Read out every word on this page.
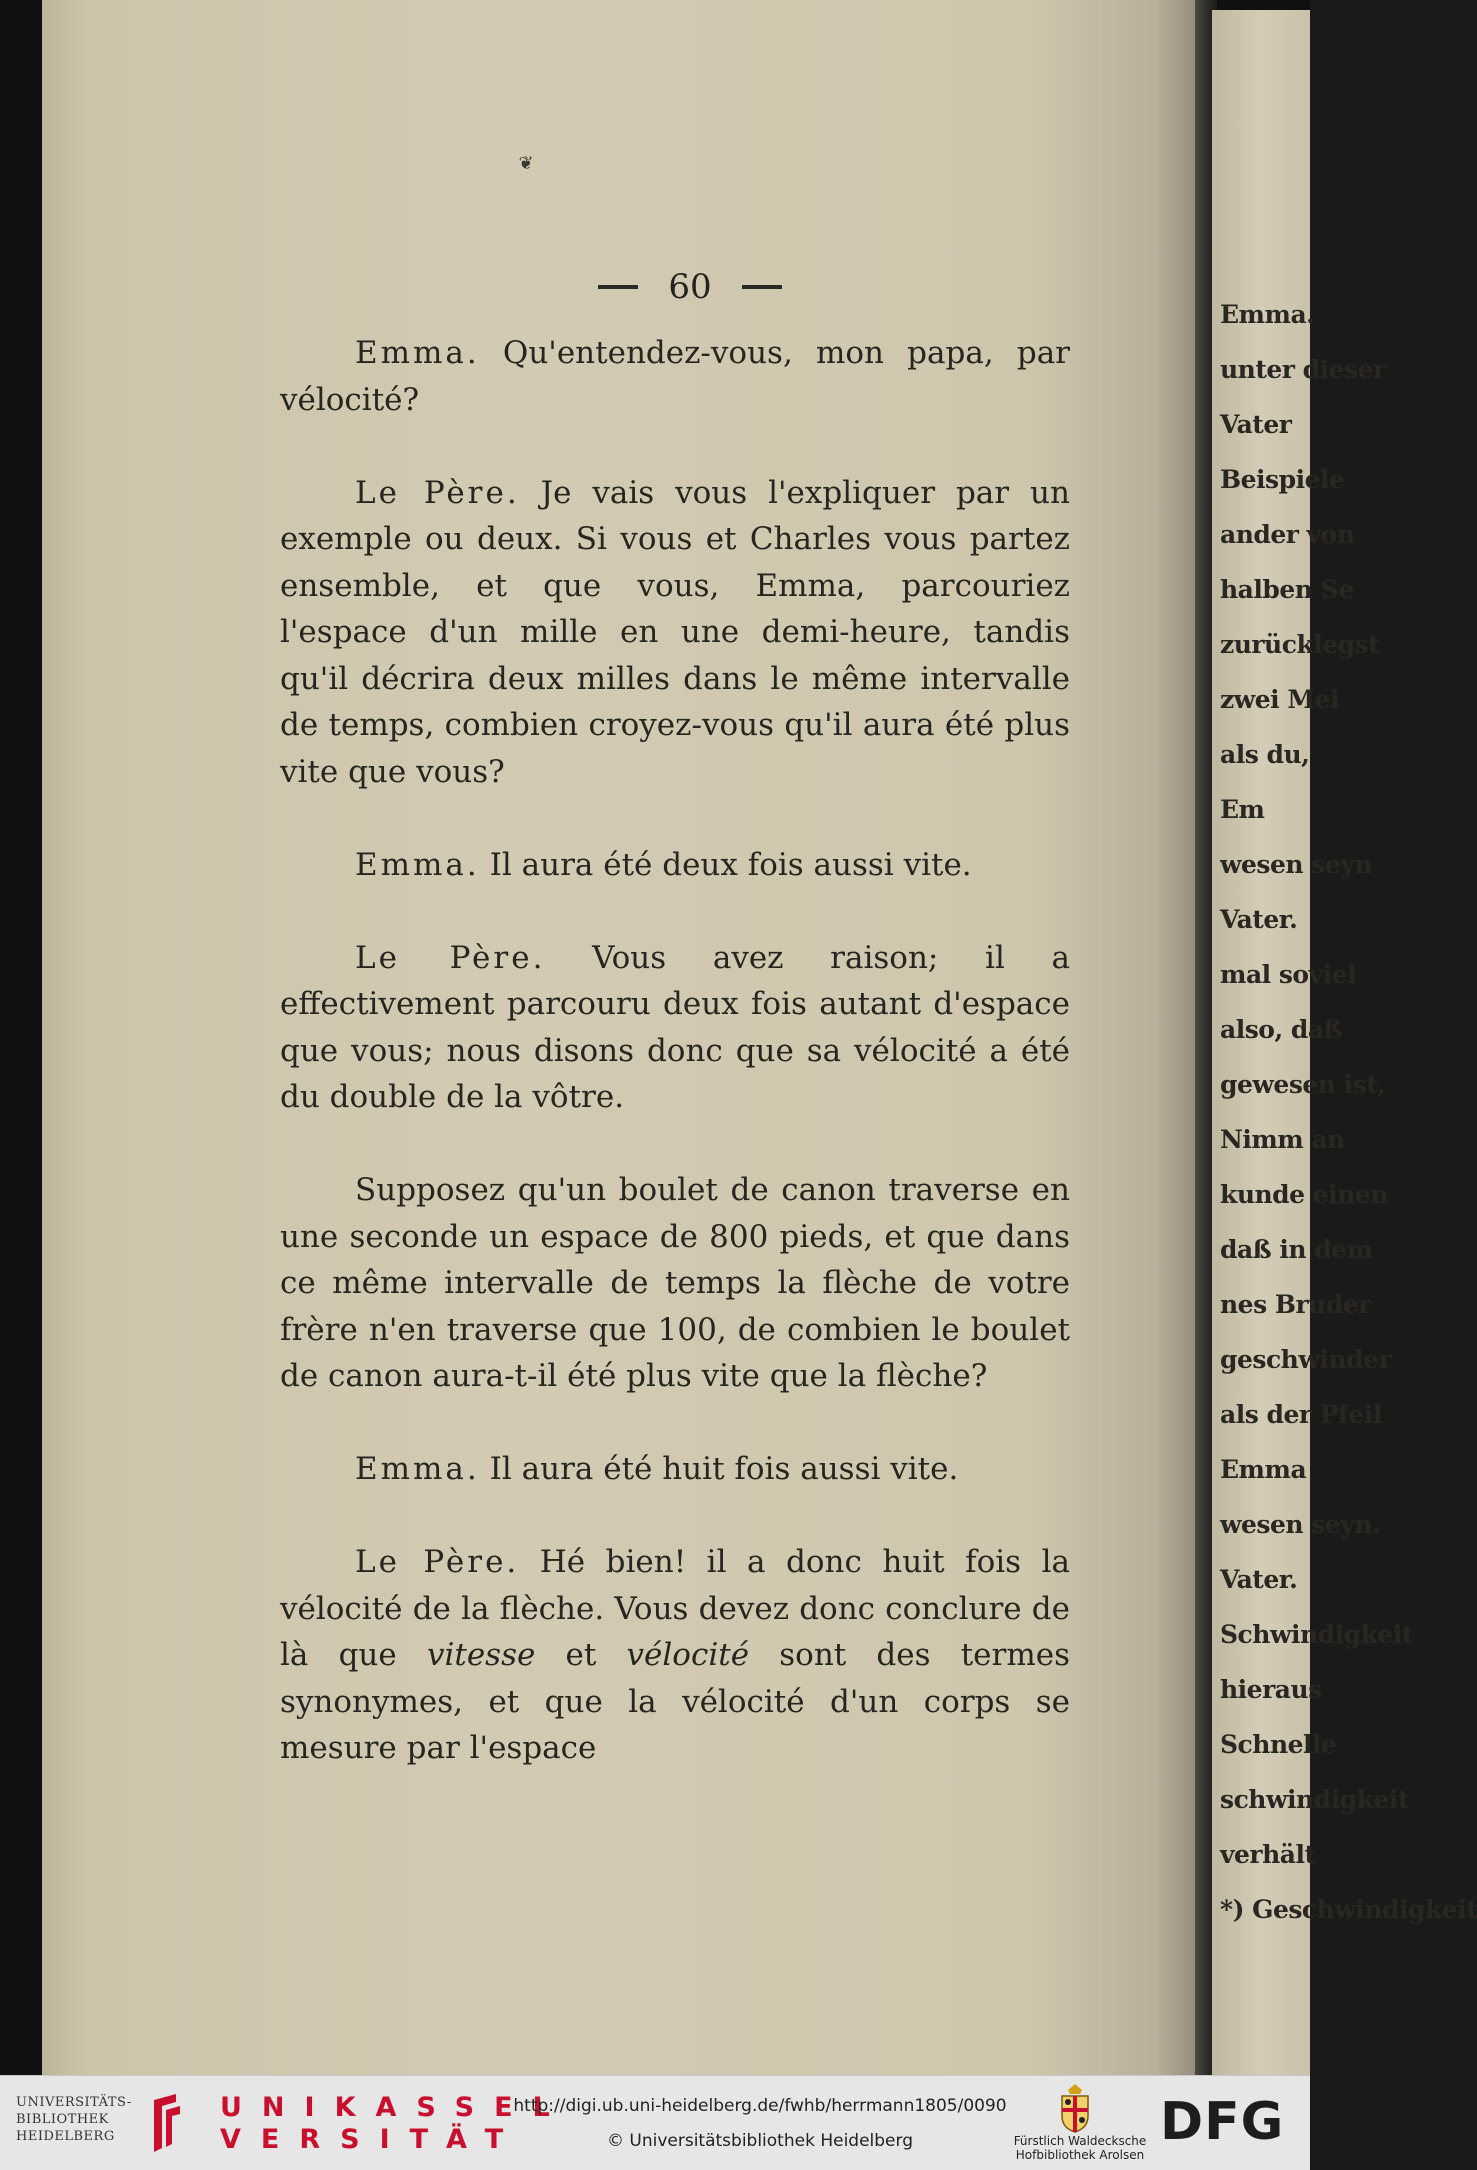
Emma.
unter dieser
Vater
Beispiele
ander von
halben Se
zurücklegst
zwei Mei
als du,
Em
wesen seyn
Vater.
mal soviel
also, daß
gewesen ist,
Nimm an
kunde einen
daß in dem
nes Bruder
geschwinder
als der Pfeil
Emma
wesen seyn.
Vater.
Schwindigkeit
hieraus
Schnelle
schwindigkeit
verhält
*) Geschwindigkeit
❦
60

Emma. Qu'entendez-vous, mon papa, par vélocité?

Le Père. Je vais vous l'expliquer par un exemple ou deux. Si vous et Charles vous partez ensemble, et que vous, Emma, parcouriez l'espace d'un mille en une demi-heure, tandis qu'il décrira deux milles dans le même intervalle de temps, combien croyez-vous qu'il aura été plus vite que vous?

Emma. Il aura été deux fois aussi vite.

Le Père. Vous avez raison; il a effectivement parcouru deux fois autant d'espace que vous; nous disons donc que sa vélocité a été du double de la vôtre.

Supposez qu'un boulet de canon traverse en une seconde un espace de 800 pieds, et que dans ce même intervalle de temps la flèche de votre frère n'en traverse que 100, de combien le boulet de canon aura-t-il été plus vite que la flèche?

Emma. Il aura été huit fois aussi vite.

Le Père. Hé bien! il a donc huit fois la vélocité de la flèche. Vous devez donc conclure de là que vitesse et vélocité sont des termes synonymes, et que la vélocité d'un corps se mesure par l'espace

UNIVERSITÄTS-
BIBLIOTHEK
HEIDELBERG
UNIKASSEL
VERSITÄT
http://digi.ub.uni-heidelberg.de/fwhb/herrmann1805/0090
© Universitätsbibliothek Heidelberg	Fürstlich Waldecksche
Hofbibliothek Arolsen
DFG
